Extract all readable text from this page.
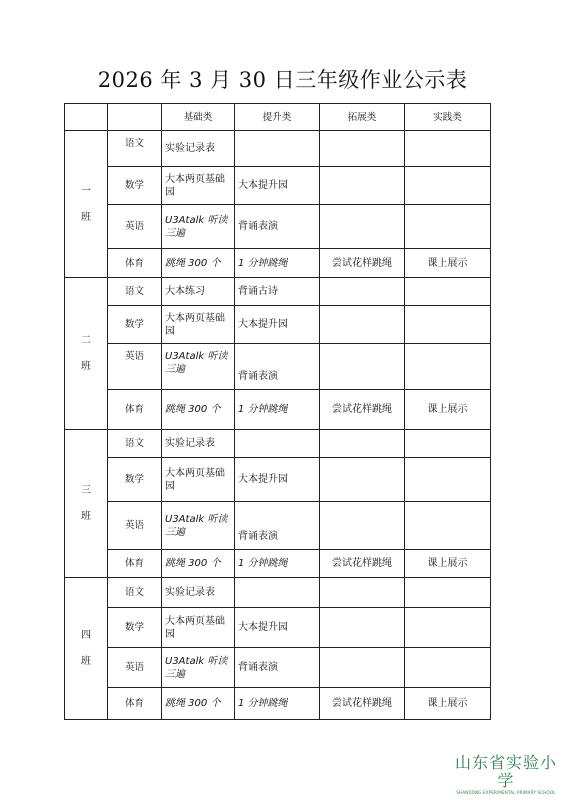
2026 年 3 月 30 日三年级作业公示表
		基础类	提升类	拓展类	实践类
一

班	语文	实验记录表			
	数学	大本两页基础园	大本提升园		
	英语	U3Atalk 听读三遍	背诵表演		
	体育	跳绳 300 个	1 分钟跳绳	尝试花样跳绳	课上展示
二

班	语文	大本练习	背诵古诗		
	数学	大本两页基础园	大本提升园		
	英语	U3Atalk 听读三遍	背诵表演		
	体育	跳绳 300 个	1 分钟跳绳	尝试花样跳绳	课上展示
三

班	语文	实验记录表			
	数学	大本两页基础园	大本提升园		
	英语	U3Atalk 听读三遍	背诵表演		
	体育	跳绳 300 个	1 分钟跳绳	尝试花样跳绳	课上展示
四

班	语文	实验记录表			
	数学	大本两页基础园	大本提升园		
	英语	U3Atalk 听读三遍	背诵表演		
	体育	跳绳 300 个	1 分钟跳绳	尝试花样跳绳	课上展示
山东省实验小学
SHANDONG EXPERIMENTAL PRIMARY SCHOOL
